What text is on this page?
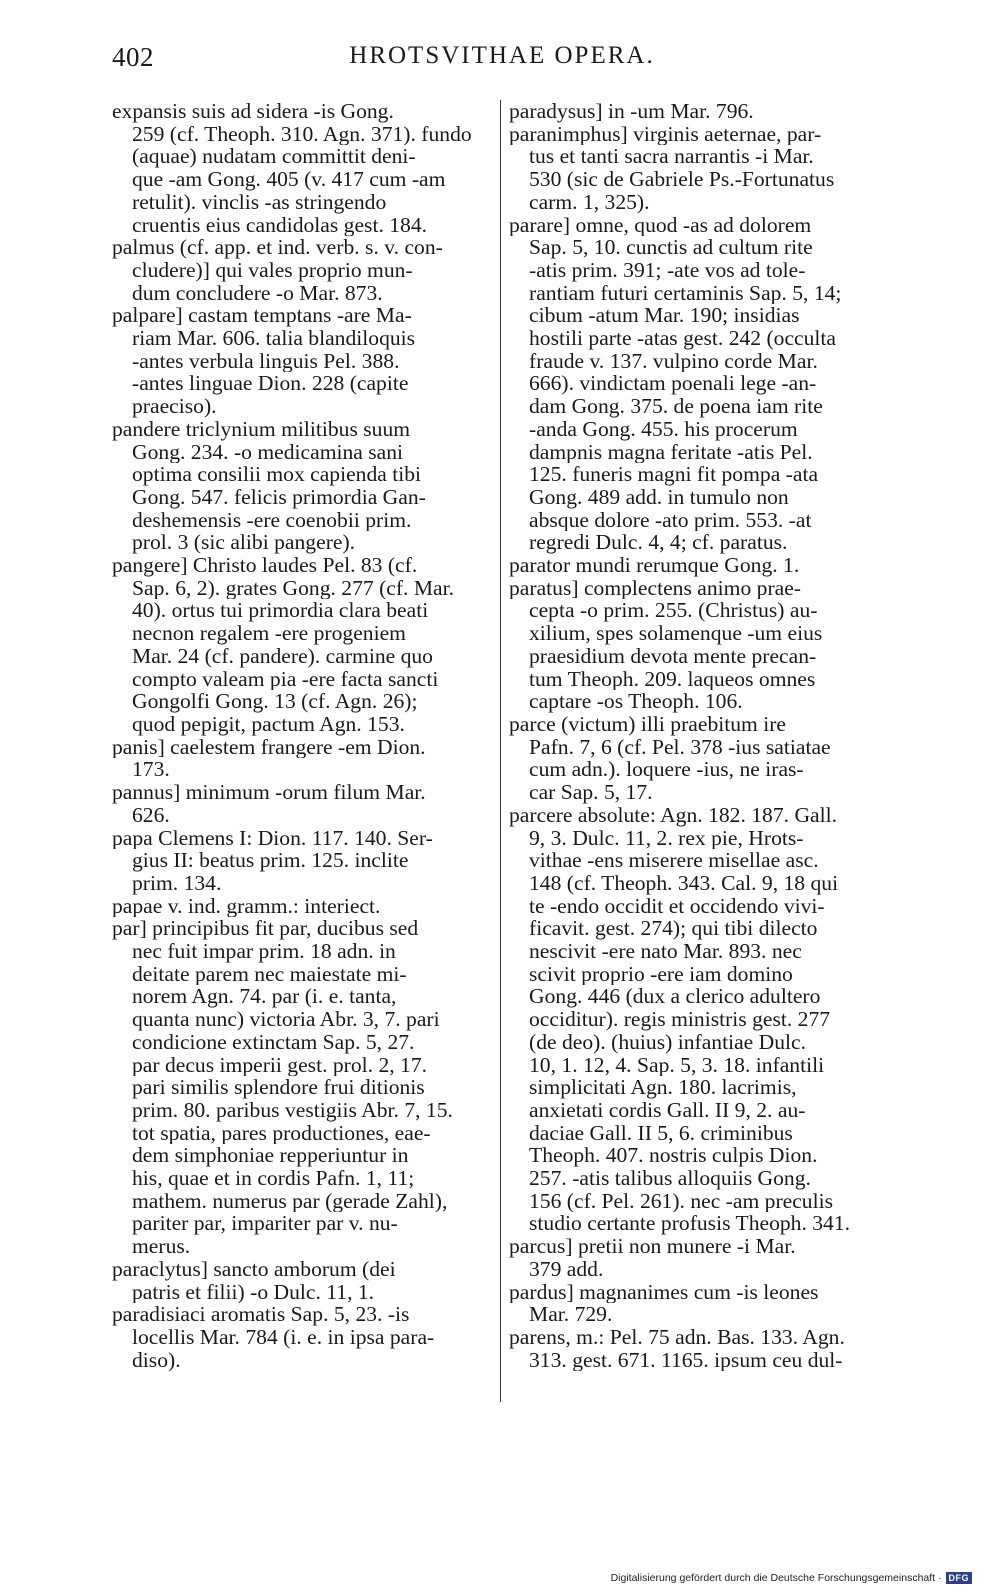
402	HROTSVITHAE OPERA.
expansis suis ad sidera -is Gong.
259 (cf. Theoph. 310. Agn. 371). fundo
(aquae) nudatam committit deni-
que -am Gong. 405 (v. 417 cum -am
retulit). vinclis -as stringendo
cruentis eius candidolas gest. 184.
palmus (cf. app. et ind. verb. s. v. con-
cludere)] qui vales proprio mun-
dum concludere -o Mar. 873.
palpare] castam temptans -are Ma-
riam Mar. 606. talia blandiloquis
-antes verbula linguis Pel. 388.
-antes linguae Dion. 228 (capite
praeciso).
pandere triclynium militibus suum
Gong. 234. -o medicamina sani
optima consilii mox capienda tibi
Gong. 547. felicis primordia Gan-
deshemensis -ere coenobii prim.
prol. 3 (sic alibi pangere).
pangere] Christo laudes Pel. 83 (cf.
Sap. 6, 2). grates Gong. 277 (cf. Mar.
40). ortus tui primordia clara beati
necnon regalem -ere progeniem
Mar. 24 (cf. pandere). carmine quo
compto valeam pia -ere facta sancti
Gongolfi Gong. 13 (cf. Agn. 26);
quod pepigit, pactum Agn. 153.
panis] caelestem frangere -em Dion.
173.
pannus] minimum -orum filum Mar.
626.
papa Clemens I: Dion. 117. 140. Ser-
gius II: beatus prim. 125. inclite
prim. 134.
papae v. ind. gramm.: interiect.
par] principibus fit par, ducibus sed
nec fuit impar prim. 18 adn. in
deitate parem nec maiestate mi-
norem Agn. 74. par (i. e. tanta,
quanta nunc) victoria Abr. 3, 7. pari
condicione extinctam Sap. 5, 27.
par decus imperii gest. prol. 2, 17.
pari similis splendore frui ditionis
prim. 80. paribus vestigiis Abr. 7, 15.
tot spatia, pares productiones, eae-
dem simphoniae repperiuntur in
his, quae et in cordis Pafn. 1, 11;
mathem. numerus par (gerade Zahl),
pariter par, impariter par v. nu-
merus.
paraclytus] sancto amborum (dei
patris et filii) -o Dulc. 11, 1.
paradisiaci aromatis Sap. 5, 23. -is
locellis Mar. 784 (i. e. in ipsa para-
diso).
paradysus] in -um Mar. 796.
paranimphus] virginis aeternae, par-
tus et tanti sacra narrantis -i Mar.
530 (sic de Gabriele Ps.-Fortunatus
carm. 1, 325).
parare] omne, quod -as ad dolorem
Sap. 5, 10. cunctis ad cultum rite
-atis prim. 391; -ate vos ad tole-
rantiam futuri certaminis Sap. 5, 14;
cibum -atum Mar. 190; insidias
hostili parte -atas gest. 242 (occulta
fraude v. 137. vulpino corde Mar.
666). vindictam poenali lege -an-
dam Gong. 375. de poena iam rite
-anda Gong. 455. his procerum
dampnis magna feritate -atis Pel.
125. funeris magni fit pompa -ata
Gong. 489 add. in tumulo non
absque dolore -ato prim. 553. -at
regredi Dulc. 4, 4; cf. paratus.
parator mundi rerumque Gong. 1.
paratus] complectens animo prae-
cepta -o prim. 255. (Christus) au-
xilium, spes solamenque -um eius
praesidium devota mente precan-
tum Theoph. 209. laqueos omnes
captare -os Theoph. 106.
parce (victum) illi praebitum ire
Pafn. 7, 6 (cf. Pel. 378 -ius satiatae
cum adn.). loquere -ius, ne iras-
car Sap. 5, 17.
parcere absolute: Agn. 182. 187. Gall.
9, 3. Dulc. 11, 2. rex pie, Hrots-
vithae -ens miserere misellae asc.
148 (cf. Theoph. 343. Cal. 9, 18 qui
te -endo occidit et occidendo vivi-
ficavit. gest. 274); qui tibi dilecto
nescivit -ere nato Mar. 893. nec
scivit proprio -ere iam domino
Gong. 446 (dux a clerico adultero
occiditur). regis ministris gest. 277
(de deo). (huius) infantiae Dulc.
10, 1. 12, 4. Sap. 5, 3. 18. infantili
simplicitati Agn. 180. lacrimis,
anxietati cordis Gall. II 9, 2. au-
daciae Gall. II 5, 6. criminibus
Theoph. 407. nostris culpis Dion.
257. -atis talibus alloquiis Gong.
156 (cf. Pel. 261). nec -am preculis
studio certante profusis Theoph. 341.
parcus] pretii non munere -i Mar.
379 add.
pardus] magnanimes cum -is leones
Mar. 729.
parens, m.: Pel. 75 adn. Bas. 133. Agn.
313. gest. 671. 1165. ipsum ceu dul-
Digitalisierung gefördert durch die Deutsche Forschungsgemeinschaft · DFG
